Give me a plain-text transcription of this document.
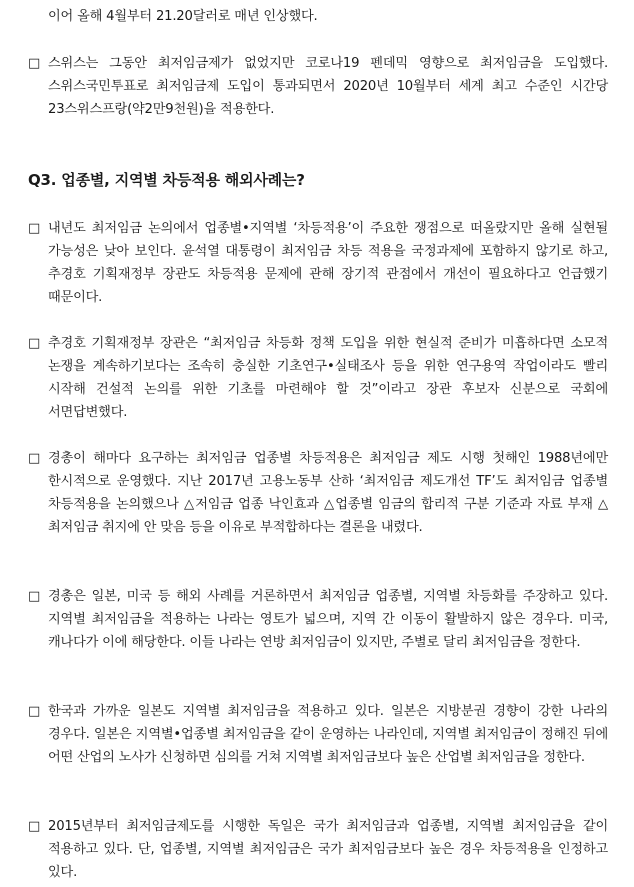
이어 올해 4월부터 21.20달러로 매년 인상했다.

□ 스위스는 그동안 최저임금제가 없었지만 코로나19 펜데믹 영향으로 최저임금을 도입했다. 스위스국민투표로 최저임금제 도입이 통과되면서 2020년 10월부터 세계 최고 수준인 시간당 23스위스프랑(약2만9천원)을 적용한다.
Q3. 업종별, 지역별 차등적용 해외사례는?
□ 내년도 최저임금 논의에서 업종별•지역별 ‘차등적용’이 주요한 쟁점으로 떠올랐지만 올해 실현될 가능성은 낮아 보인다. 윤석열 대통령이 최저임금 차등 적용을 국정과제에 포함하지 않기로 하고, 추경호 기획재정부 장관도 차등적용 문제에 관해 장기적 관점에서 개선이 필요하다고 언급했기 때문이다.
□ 추경호 기획재정부 장관은 “최저임금 차등화 정책 도입을 위한 현실적 준비가 미흡하다면 소모적 논쟁을 계속하기보다는 조속히 충실한 기초연구•실태조사 등을 위한 연구용역 작업이라도 빨리 시작해 건설적 논의를 위한 기초를 마련해야 할 것”이라고 장관 후보자 신분으로 국회에 서면답변했다.
□ 경총이 해마다 요구하는 최저임금 업종별 차등적용은 최저임금 제도 시행 첫해인 1988년에만 한시적으로 운영했다. 지난 2017년 고용노동부 산하 ‘최저임금 제도개선 TF’도 최저임금 업종별 차등적용을 논의했으나 △저임금 업종 낙인효과 △업종별 임금의 합리적 구분 기준과 자료 부재 △최저임금 취지에 안 맞음 등을 이유로 부적합하다는 결론을 내렸다.
□ 경총은 일본, 미국 등 해외 사례를 거론하면서 최저임금 업종별, 지역별 차등화를 주장하고 있다. 지역별 최저임금을 적용하는 나라는 영토가 넓으며, 지역 간 이동이 활발하지 않은 경우다. 미국, 캐나다가 이에 해당한다. 이들 나라는 연방 최저임금이 있지만, 주별로 달리 최저임금을 정한다.
□ 한국과 가까운 일본도 지역별 최저임금을 적용하고 있다. 일본은 지방분권 경향이 강한 나라의 경우다. 일본은 지역별•업종별 최저임금을 같이 운영하는 나라인데, 지역별 최저임금이 정해진 뒤에 어떤 산업의 노사가 신청하면 심의를 거쳐 지역별 최저임금보다 높은 산업별 최저임금을 정한다.
□ 2015년부터 최저임금제도를 시행한 독일은 국가 최저임금과 업종별, 지역별 최저임금을 같이 적용하고 있다. 단, 업종별, 지역별 최저임금은 국가 최저임금보다 높은 경우 차등적용을 인정하고 있다.
